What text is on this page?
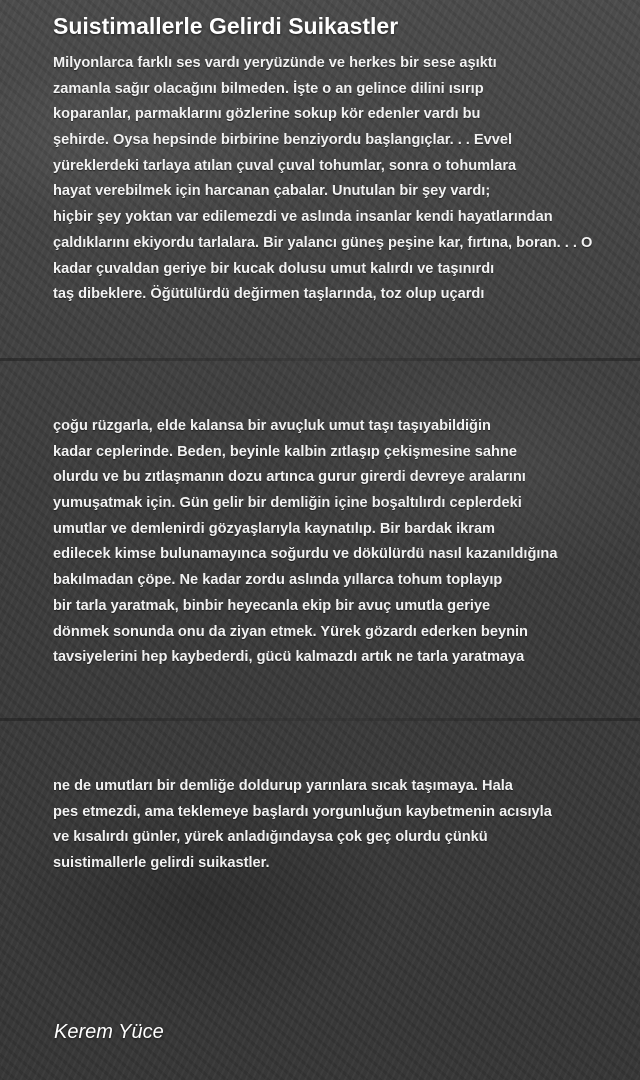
Suistimallerle Gelirdi Suikastler
Milyonlarca farklı ses vardı yeryüzünde ve herkes bir sese aşıktı
zamanla sağır olacağını bilmeden. İşte o an gelince dilini ısırıp
koparanlar, parmaklarını gözlerine sokup kör edenler vardı bu
şehirde. Oysa hepsinde birbirine benziyordu başlangıçlar. . . Evvel
yüreklerdeki tarlaya atılan çuval çuval tohumlar, sonra o tohumlara
hayat verebilmek için harcanan çabalar. Unutulan bir şey vardı;
hiçbir şey yoktan var edilemezdi ve aslında insanlar kendi hayatlarından
çaldıklarını ekiyordu tarlalara. Bir yalancı güneş peşine kar, fırtına, boran. . . O
kadar çuvaldan geriye bir kucak dolusu umut kalırdı ve taşınırdı
taş dibeklere. Öğütülürdü değirmen taşlarında, toz olup uçardı
çoğu rüzgarla, elde kalansa bir avuçluk umut taşı taşıyabildiğin
kadar ceplerinde. Beden, beyinle kalbin zıtlaşıp çekişmesine sahne
olurdu ve bu zıtlaşmanın dozu artınca gurur girerdi devreye aralarını
yumuşatmak için. Gün gelir bir demliğin içine boşaltılırdı ceplerdeki
umutlar ve demlenirdi gözyaşlarıyla kaynatılıp. Bir bardak ikram
edilecek kimse bulunamayınca soğurdu ve dökülürdü nasıl kazanıldığına
bakılmadan çöpe. Ne kadar zordu aslında yıllarca tohum toplayıp
bir tarla yaratmak, binbir heyecanla ekip bir avuç umutla geriye
dönmek sonunda onu da ziyan etmek. Yürek gözardı ederken beynin
tavsiyelerini hep kaybederdi, gücü kalmazdı artık ne tarla yaratmaya
ne de umutları bir demliğe doldurup yarınlara sıcak taşımaya. Hala
pes etmezdi, ama teklemeye başlardı yorgunluğun kaybetmenin acısıyla
ve kısalırdı günler, yürek anladığındaysa çok geç olurdu çünkü
suistimallerle gelirdi suikastler.

Kerem Yüce
